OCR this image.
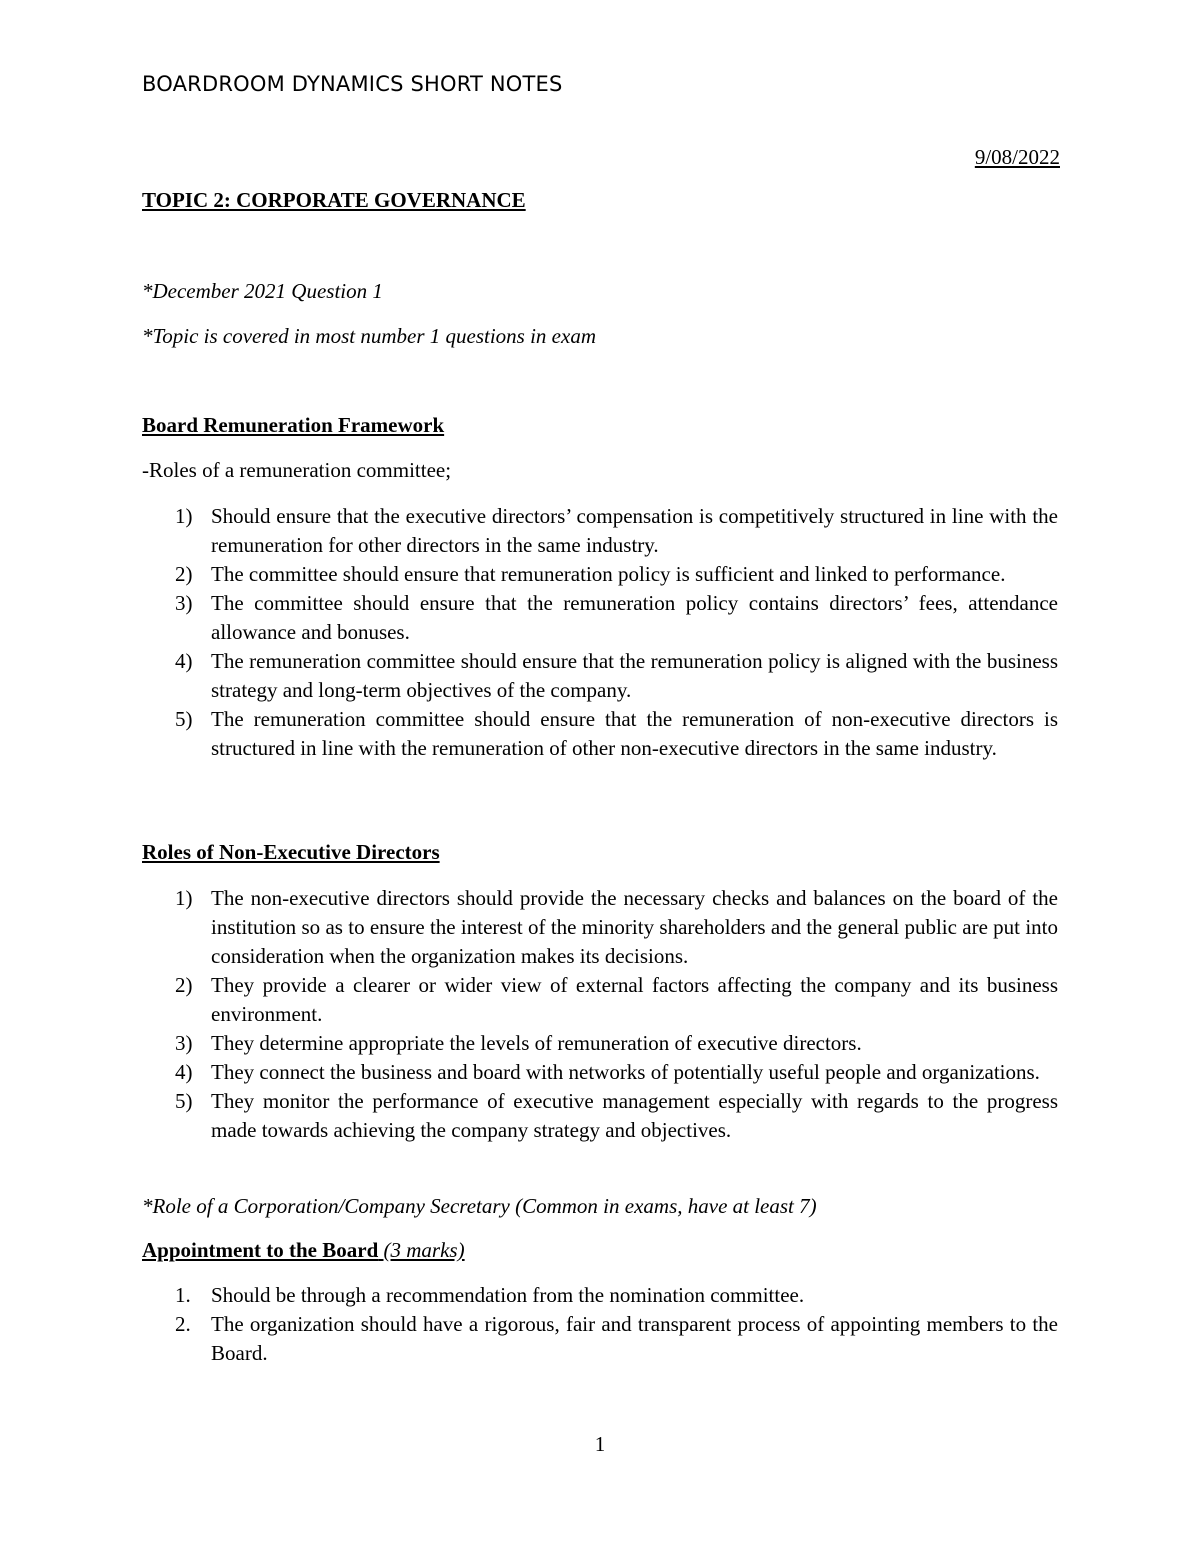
BOARDROOM DYNAMICS SHORT NOTES
9/08/2022
TOPIC 2: CORPORATE GOVERNANCE
*December 2021 Question 1
*Topic is covered in most number 1 questions in exam
Board Remuneration Framework
-Roles of a remuneration committee;
1) Should ensure that the executive directors’ compensation is competitively structured in line with the remuneration for other directors in the same industry.
2) The committee should ensure that remuneration policy is sufficient and linked to performance.
3) The committee should ensure that the remuneration policy contains directors’ fees, attendance allowance and bonuses.
4) The remuneration committee should ensure that the remuneration policy is aligned with the business strategy and long-term objectives of the company.
5) The remuneration committee should ensure that the remuneration of non-executive directors is structured in line with the remuneration of other non-executive directors in the same industry.
Roles of Non-Executive Directors
1) The non-executive directors should provide the necessary checks and balances on the board of the institution so as to ensure the interest of the minority shareholders and the general public are put into consideration when the organization makes its decisions.
2) They provide a clearer or wider view of external factors affecting the company and its business environment.
3) They determine appropriate the levels of remuneration of executive directors.
4) They connect the business and board with networks of potentially useful people and organizations.
5) They monitor the performance of executive management especially with regards to the progress made towards achieving the company strategy and objectives.
*Role of a Corporation/Company Secretary (Common in exams, have at least 7)
Appointment to the Board (3 marks)
1. Should be through a recommendation from the nomination committee.
2. The organization should have a rigorous, fair and transparent process of appointing members to the Board.
1
